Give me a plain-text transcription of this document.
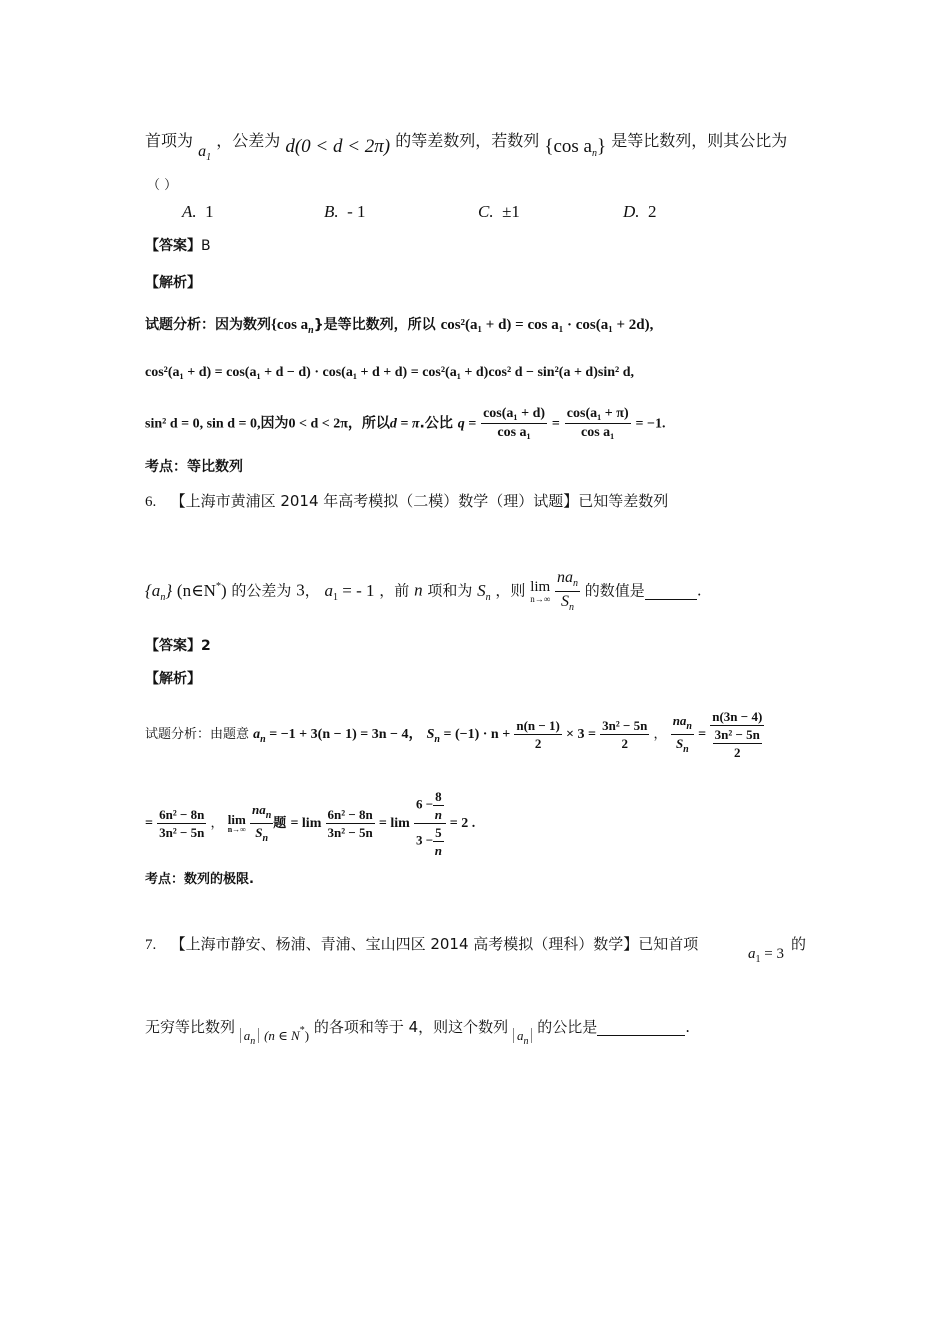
首项为 $a_1$ ，公差为 d(0 < d < 2π) 的等差数列，若数列 {cos $a_n$} 是等比数列，则其公比为
（ ）
A. 1	B. - 1	C. ±1	D. 2
【答案】B
【解析】
试题分析：因为数列{cos $a_n$}是等比数列，所以 cos²(a₁ + d) = cos a₁ · cos(a₁ + 2d),
cos²(a₁ + d) = cos(a₁ + d − d) · cos(a₁ + d + d) = cos²(a₁ + d)cos² d − sin²(a + d)sin² d,
sin² d = 0, sin d = 0,因为0 < d < 2π，所以d = π.公比 $q = \frac{\text{cos(a₁ + d)}}{\text{cos a₁}} = \frac{\text{cos(a₁ + π)}}{\text{cos a₁}} = -1$.
考点：等比数列
6. 【上海市黄浦区 2014 年高考模拟（二模）数学（理）试题】已知等差数列
$\{a_n\}$ (n∈N*) 的公差为 3， $a_1$ = - 1 ，前 n 项和为 $S_n$ ，则 lim
n→∞
$\frac{na_n}{S_n}$ 的数值是	.
【答案】2
【解析】
试题分析：由题意 $a_n = -1 + 3(n - 1) = 3n - 4$， $S_n = (-1) \cdot n + \frac{n(n - 1)}{2} \times 3 = \frac{\text{3n² − 5n}}{2}$ ， $\frac{na_n}{S_n} = \frac{n(3n - 4)}{\frac{\text{3n² − 5n}}{2}}$
= $\frac{\text{6n² − 8n}}{\text{3n² − 5n}}$ ， lim
n→∞
$\frac{na_n}{S_n}$ 题 = $\lim \frac{\text{6n² − 8n}}{\text{3n² − 5n}} = \lim \frac{6 - \frac{8}{n}}{3 - \frac{5}{n}} = 2$ .
考点：数列的极限.
7. 【上海市静安、杨浦、青浦、宝山四区 2014 高考模拟（理科）数学】已知首项
$a_1 = 3$
的
无穷等比数列 $a_n$ (n ∈ N*) 的各项和等于 4，则这个数列 $a_n$ 的公比是	.
